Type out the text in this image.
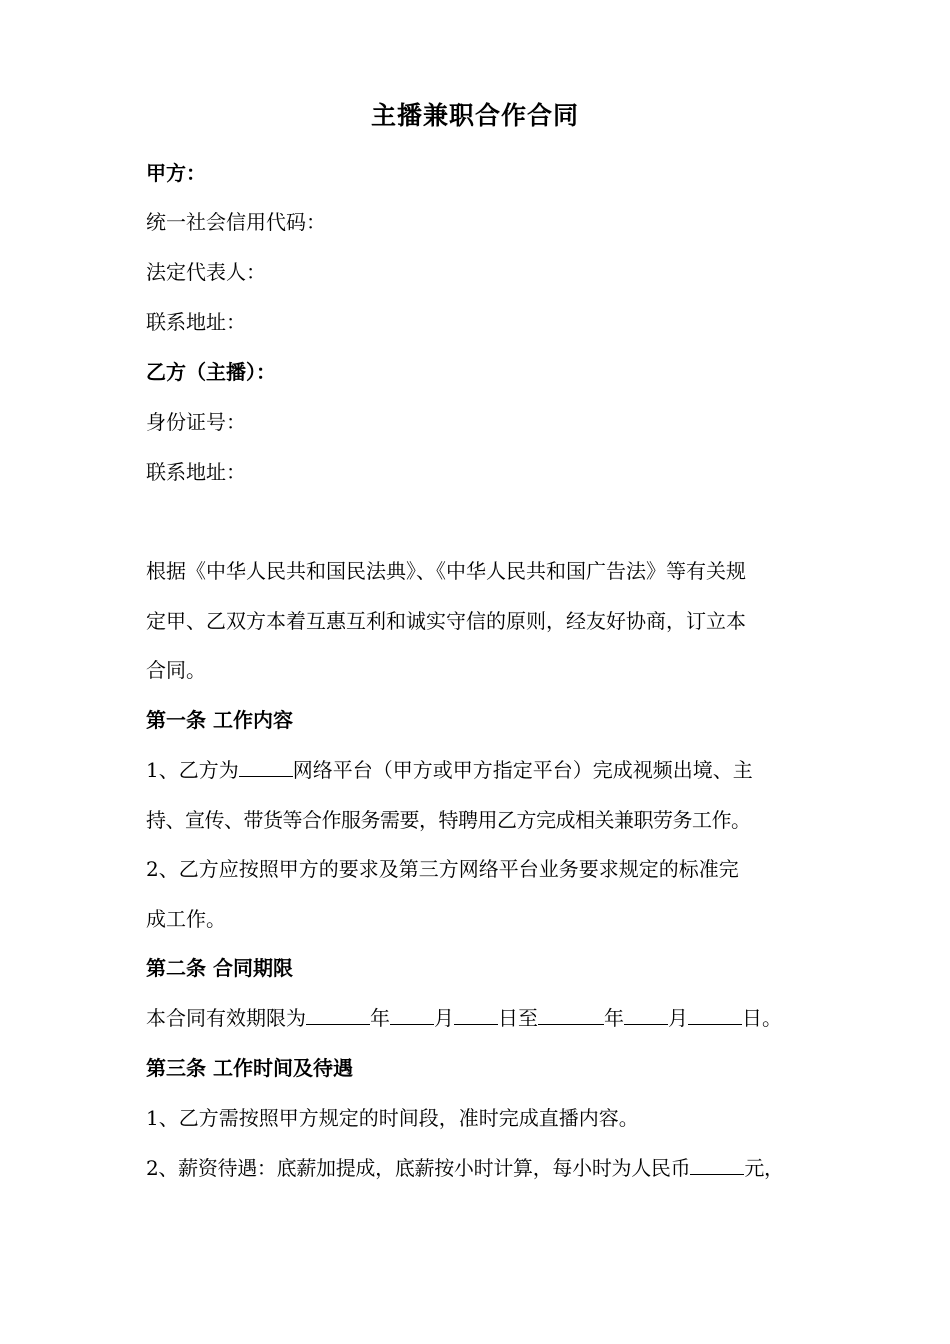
主播兼职合作合同
甲方：
统一社会信用代码：
法定代表人：
联系地址：
乙方（主播）：
身份证号：
联系地址：
根据《中华人民共和国民法典》、《中华人民共和国广告法》等有关规
定甲、乙双方本着互惠互利和诚实守信的原则，经友好协商，订立本
合同。
第一条 工作内容
1、乙方为	网络平台（甲方或甲方指定平台）完成视频出境、主
持、宣传、带货等合作服务需要，特聘用乙方完成相关兼职劳务工作。
2、乙方应按照甲方的要求及第三方网络平台业务要求规定的标准完
成工作。
第二条 合同期限
本合同有效期限为	年 月 日至	年 月	日。
第三条 工作时间及待遇
1、乙方需按照甲方规定的时间段，准时完成直播内容。
2、薪资待遇：底薪加提成，底薪按小时计算，每小时为人民币	元，
